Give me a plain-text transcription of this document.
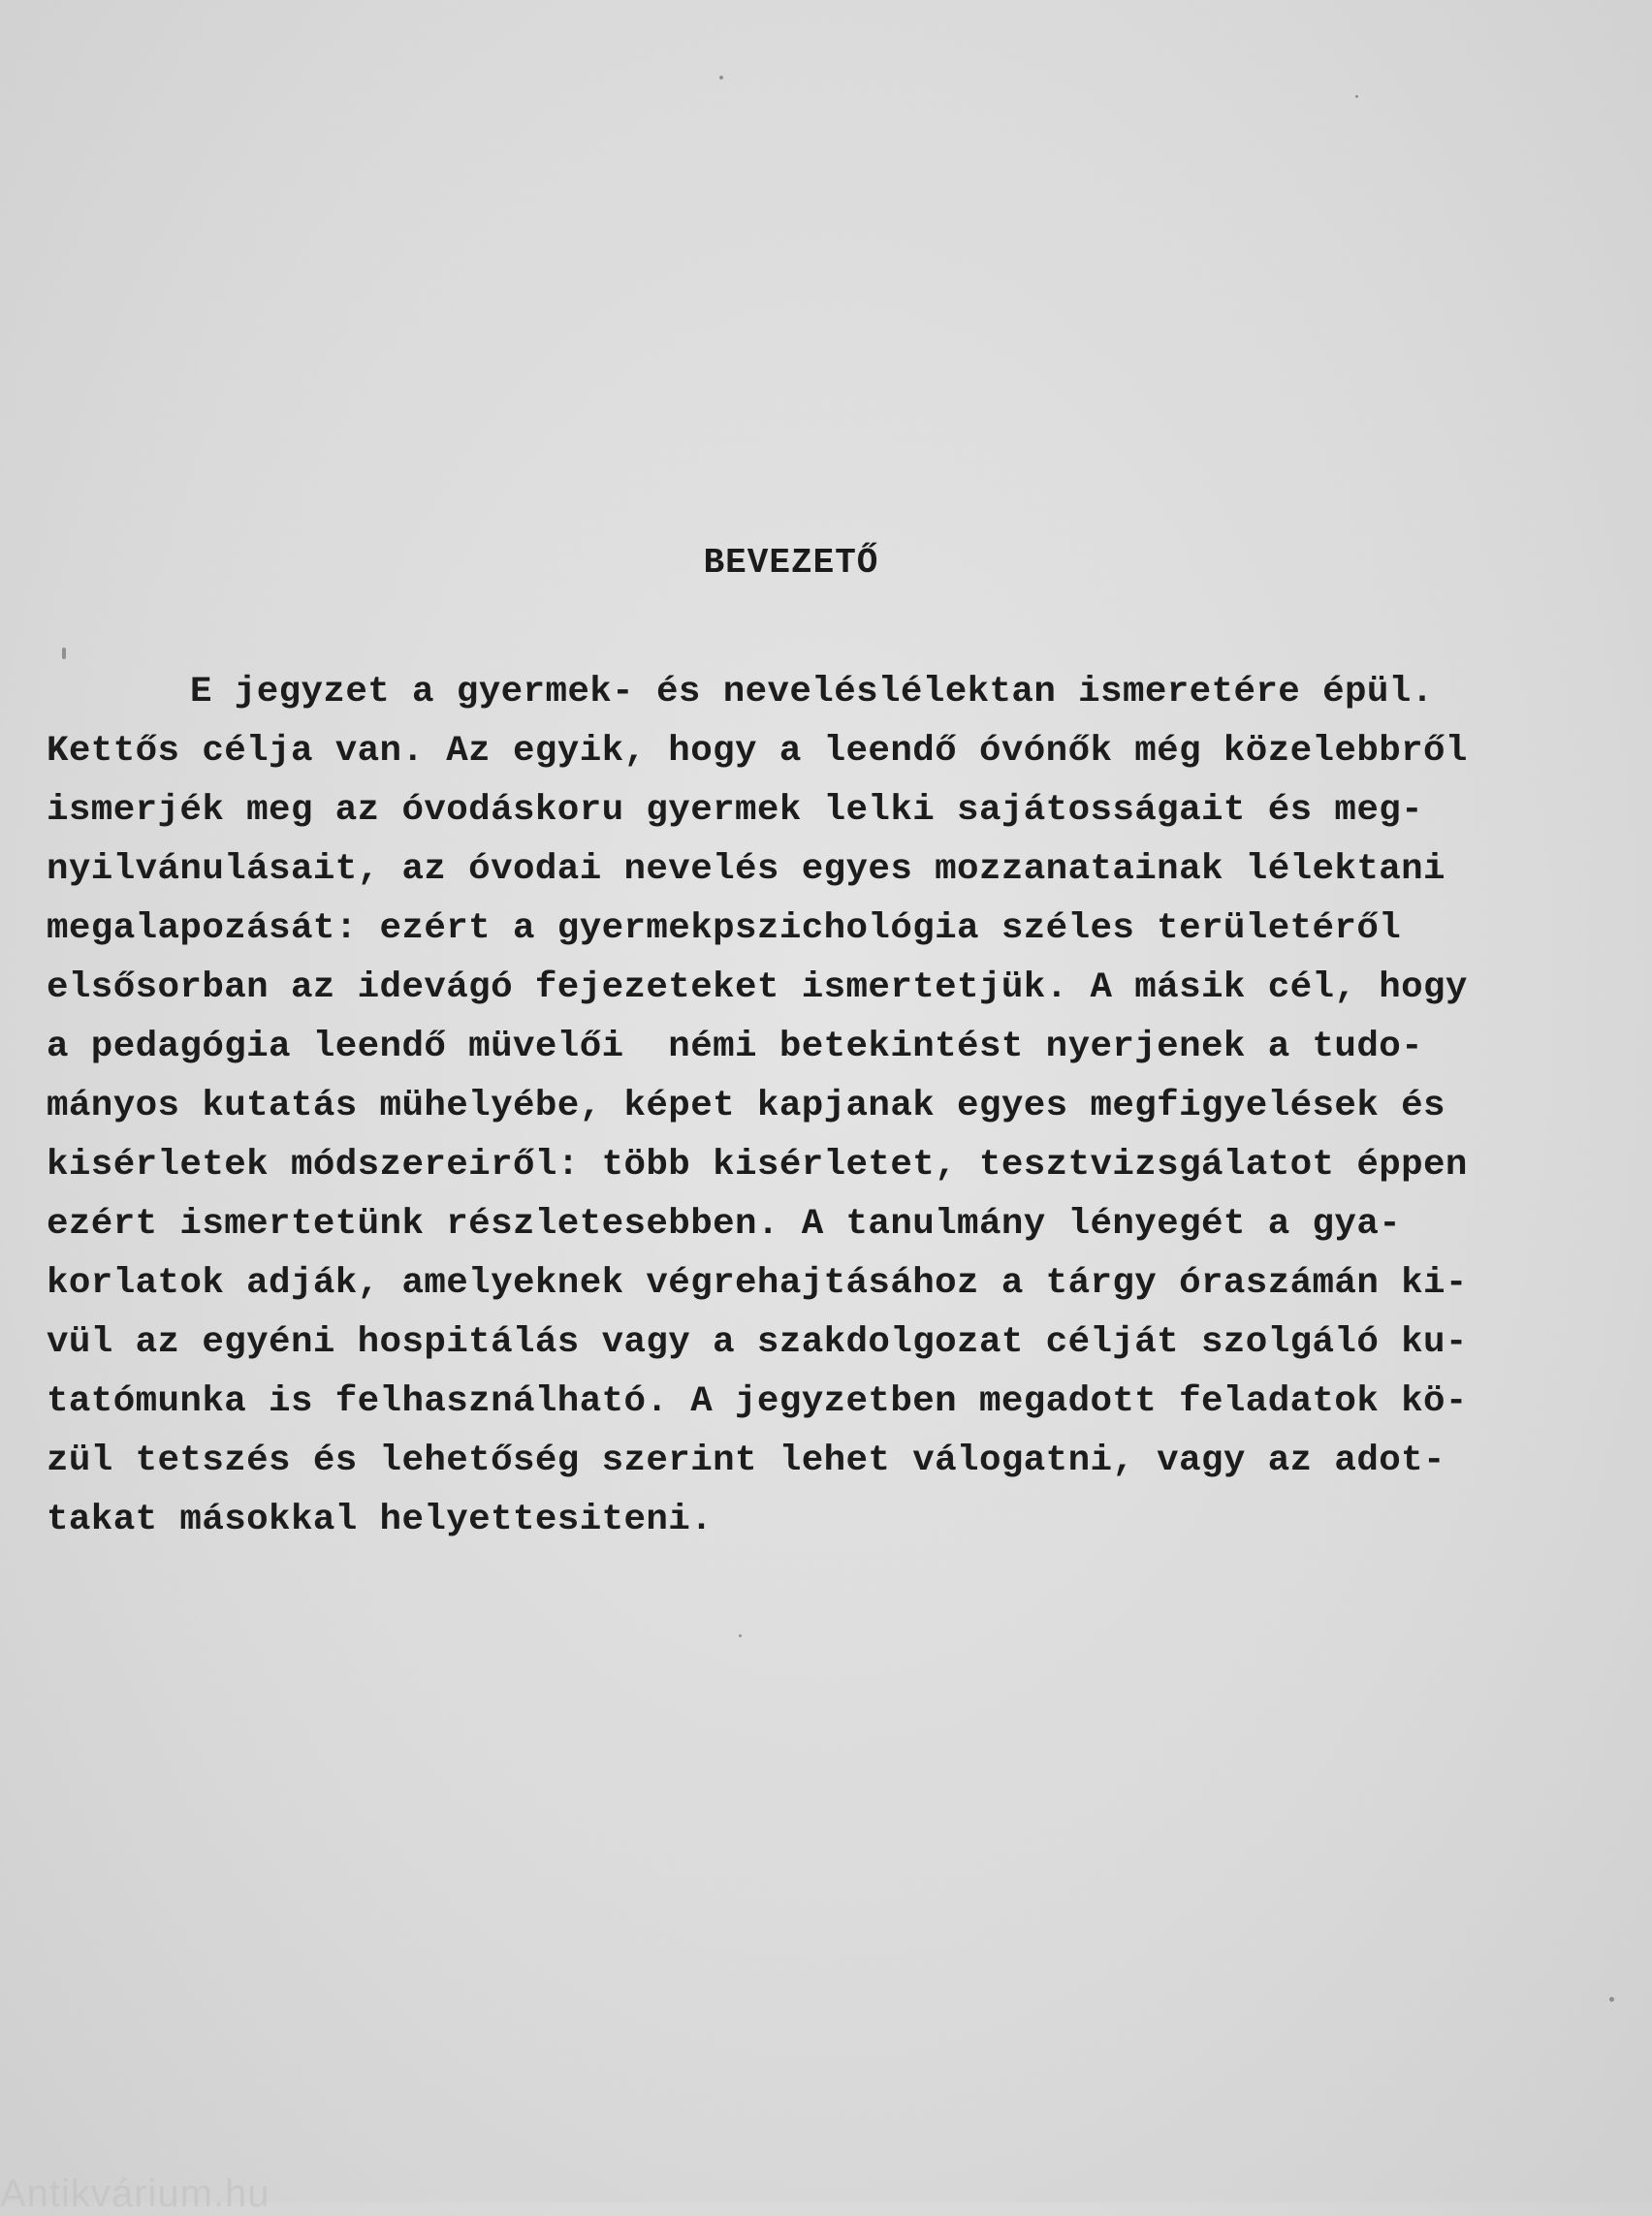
BEVEZETŐ
E jegyzet a gyermek- és neveléslélektan ismeretére épül.
Kettős célja van. Az egyik, hogy a leendő óvónők még közelebbről
ismerjék meg az óvodáskoru gyermek lelki sajátosságait és meg-
nyilvánulásait, az óvodai nevelés egyes mozzanatainak lélektani
megalapozását: ezért a gyermekpszichológia széles területéről
elsősorban az idevágó fejezeteket ismertetjük. A másik cél, hogy
a pedagógia leendő müvelői  némi betekintést nyerjenek a tudo-
mányos kutatás mühelyébe, képet kapjanak egyes megfigyelések és
kisérletek módszereiről: több kisérletet, tesztvizsgálatot éppen
ezért ismertetünk részletesebben. A tanulmány lényegét a gya-
korlatok adják, amelyeknek végrehajtásához a tárgy óraszámán ki-
vül az egyéni hospitálás vagy a szakdolgozat célját szolgáló ku-
tatómunka is felhasználható. A jegyzetben megadott feladatok kö-
zül tetszés és lehetőség szerint lehet válogatni, vagy az adot-
takat másokkal helyettesiteni.
Antikvárium.hu
